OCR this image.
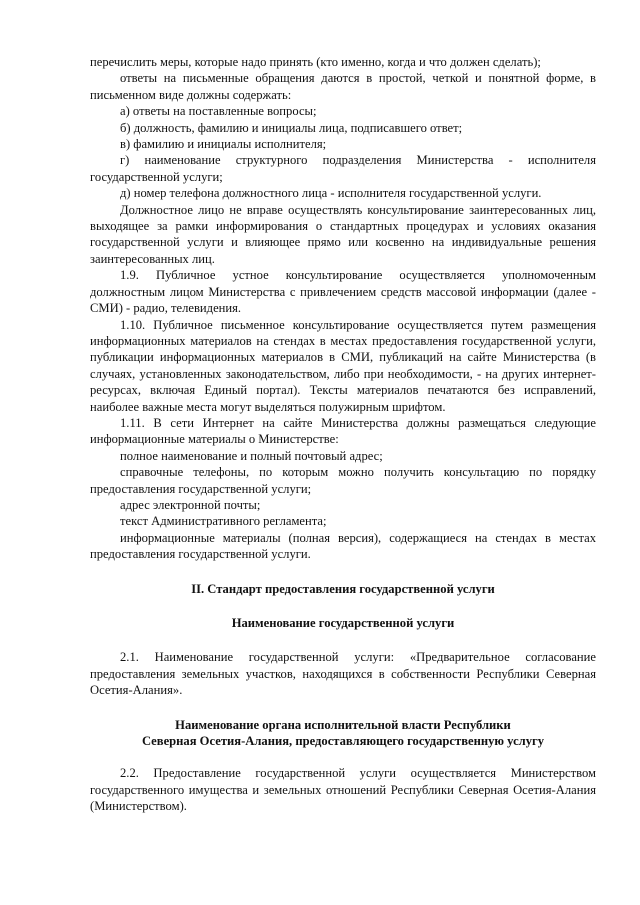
перечислить меры, которые надо принять (кто именно, когда и что должен сделать);

ответы на письменные обращения даются в простой, четкой и понятной форме, в письменном виде должны содержать:

а) ответы на поставленные вопросы;

б) должность, фамилию и инициалы лица, подписавшего ответ;

в) фамилию и инициалы исполнителя;

г) наименование структурного подразделения Министерства - исполнителя государственной услуги;

д) номер телефона должностного лица - исполнителя государственной услуги.

Должностное лицо не вправе осуществлять консультирование заинтересованных лиц, выходящее за рамки информирования о стандартных процедурах и условиях оказания государственной услуги и влияющее прямо или косвенно на индивидуальные решения заинтересованных лиц.

1.9. Публичное устное консультирование осуществляется уполномоченным должностным лицом Министерства с привлечением средств массовой информации (далее - СМИ) - радио, телевидения.

1.10. Публичное письменное консультирование осуществляется путем размещения информационных материалов на стендах в местах предоставления государственной услуги, публикации информационных материалов в СМИ, публикаций на сайте Министерства (в случаях, установленных законодательством, либо при необходимости, - на других интернет-ресурсах, включая Единый портал). Тексты материалов печатаются без исправлений, наиболее важные места могут выделяться полужирным шрифтом.

1.11. В сети Интернет на сайте Министерства должны размещаться следующие информационные материалы о Министерстве:

полное наименование и полный почтовый адрес;

справочные телефоны, по которым можно получить консультацию по порядку предоставления государственной услуги;

адрес электронной почты;

текст Административного регламента;

информационные материалы (полная версия), содержащиеся на стендах в местах предоставления государственной услуги.

II. Стандарт предоставления государственной услуги

Наименование государственной услуги

2.1. Наименование государственной услуги: «Предварительное согласование предоставления земельных участков, находящихся в собственности Республики Северная Осетия-Алания».

Наименование органа исполнительной власти Республики

Северная Осетия-Алания, предоставляющего государственную услугу

2.2. Предоставление государственной услуги осуществляется Министерством государственного имущества и земельных отношений Республики Северная Осетия-Алания (Министерством).
